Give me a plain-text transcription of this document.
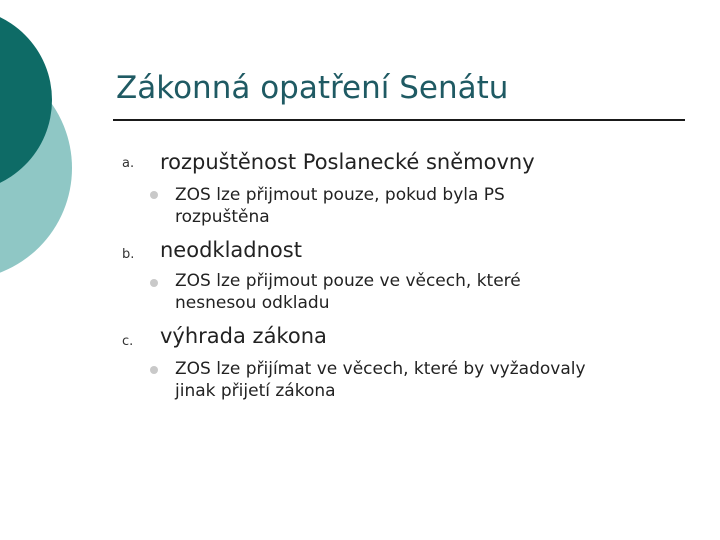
Zákonná opatření Senátu
a. rozpuštěnost Poslanecké sněmovny
ZOS lze přijmout pouze, pokud byla PS
rozpuštěna
b. neodkladnost
ZOS lze přijmout pouze ve věcech, které
nesnesou odkladu
c. výhrada zákona
ZOS lze přijímat ve věcech, které by vyžadovaly
jinak přijetí zákona
